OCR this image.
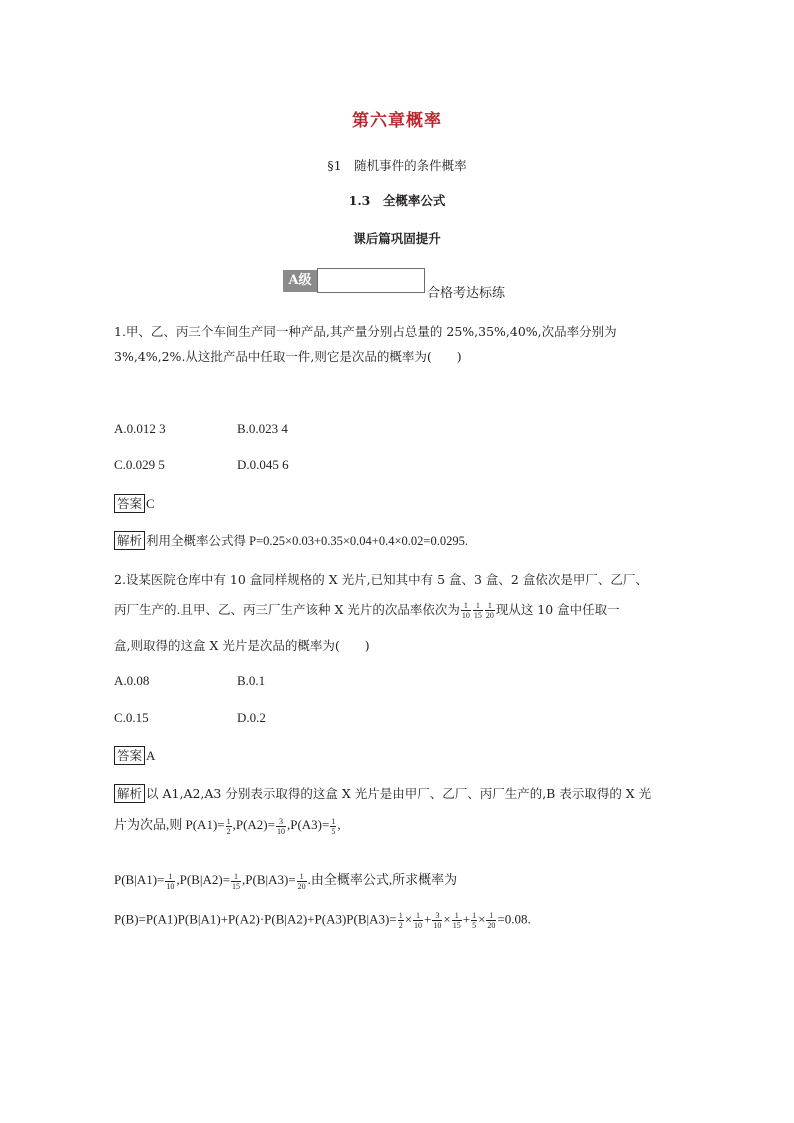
第六章概率
§1　随机事件的条件概率
1.3　全概率公式
课后篇巩固提升
A级
合格考达标练
1.甲、乙、丙三个车间生产同一种产品,其产量分别占总量的 25%,35%,40%,次品率分别为
3%,4%,2%.从这批产品中任取一件,则它是次品的概率为(　　)
A.0.012 3	B.0.023 4
C.0.029 5	D.0.045 6
答案 C
解析 利用全概率公式得 P=0.25×0.03+0.35×0.04+0.4×0.02=0.0295.
2.设某医院仓库中有 10 盒同样规格的 X 光片,已知其中有 5 盒、3 盒、2 盒依次是甲厂、乙厂、
丙厂生产的.且甲、乙、丙三厂生产该种 X 光片的次品率依次为 $\frac{1}{10} \frac{1}{15} \frac{1}{20}$ 现从这 10 盒中任取一
盒,则取得的这盒 X 光片是次品的概率为(　　)
A.0.08	B.0.1
C.0.15	D.0.2
答案 A
解析 以 A1,A2,A3 分别表示取得的这盒 X 光片是由甲厂、乙厂、丙厂生产的,B 表示取得的 X 光
片为次品,则 $P(A1)= \frac{1}{2} ,P(A2)= \frac{3}{10} ,P(A3)= \frac{1}{5}$ ,
$P(B|A1)= \frac{1}{10} ,P(B|A2)= \frac{1}{15} ,P(B|A3)= \frac{1}{20}$ .由全概率公式,所求概率为
$P(B)=P(A1)P(B|A1)+P(A2)\cdot P(B|A2)+P(A3)P(B|A3)= \frac{1}{2} \times \frac{1}{10} + \frac{3}{10} \times \frac{1}{15} + \frac{1}{5} \times \frac{1}{20} =0.08$.
